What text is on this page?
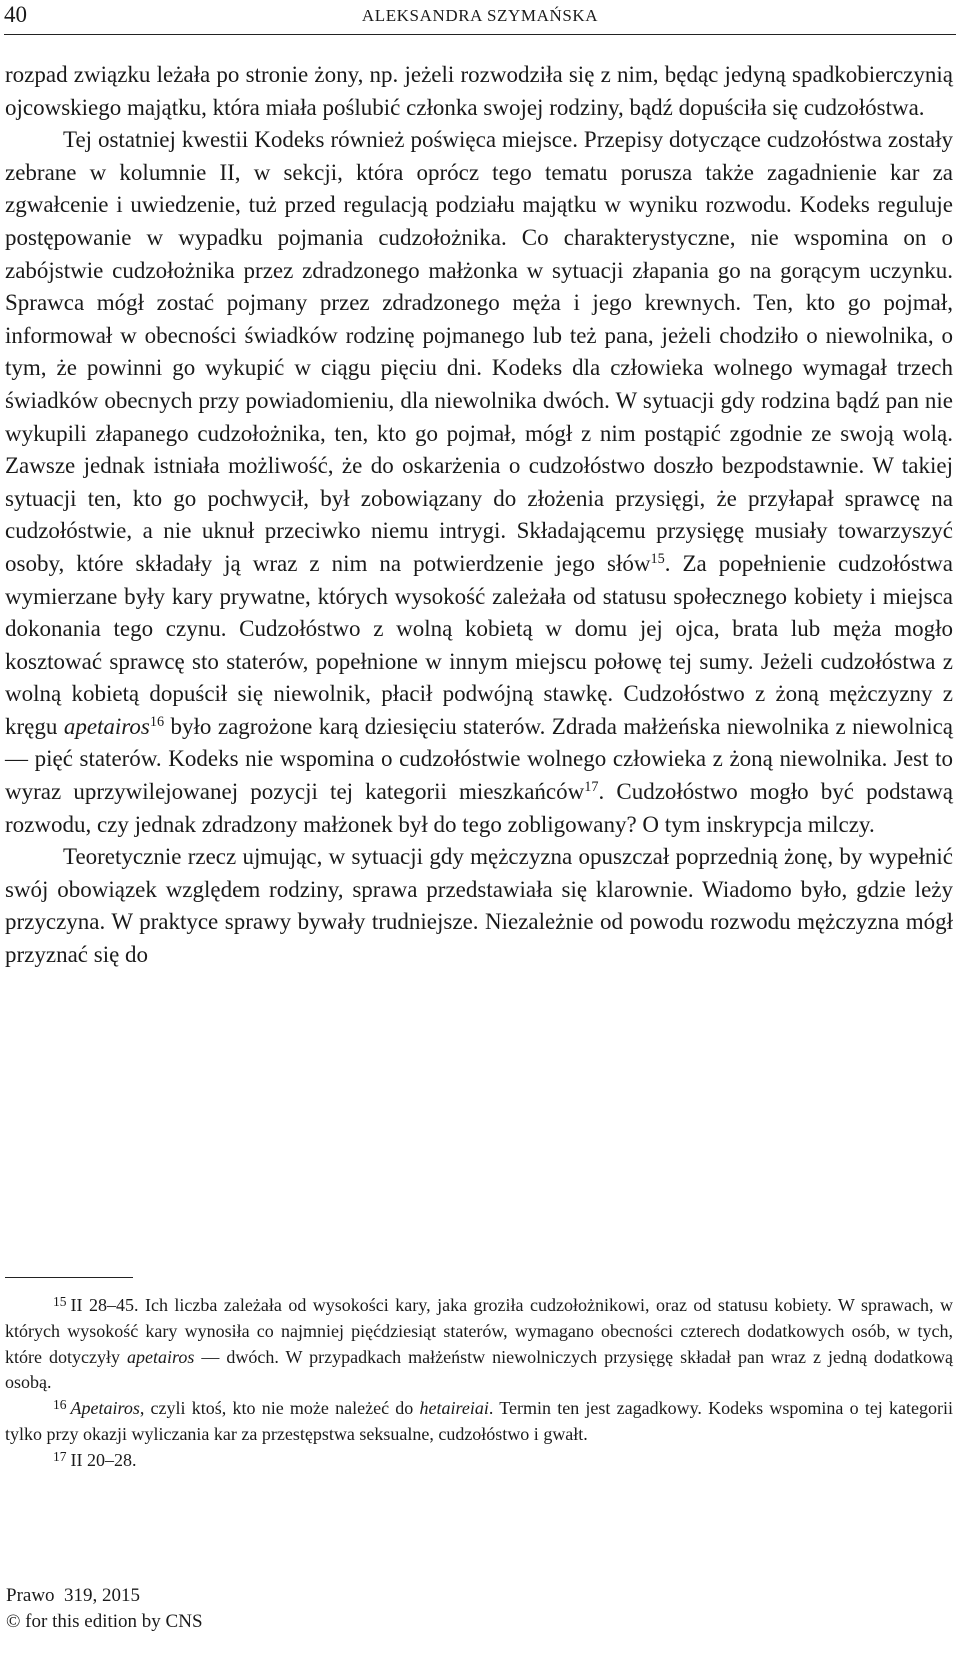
40	ALEKSANDRA SZYMAŃSKA

rozpad związku leżała po stronie żony, np. jeżeli rozwodziła się z nim, będąc jedyną spadkobierczynią ojcowskiego majątku, która miała poślubić członka swojej rodziny, bądź dopuściła się cudzołóstwa.

Tej ostatniej kwestii Kodeks również poświęca miejsce. Przepisy dotyczące cudzołóstwa zostały zebrane w kolumnie II, w sekcji, która oprócz tego tematu porusza także zagadnienie kar za zgwałcenie i uwiedzenie, tuż przed regulacją podziału majątku w wyniku rozwodu. Kodeks reguluje postępowanie w wypadku pojmania cudzołożnika. Co charakterystyczne, nie wspomina on o zabójstwie cudzołożnika przez zdradzonego małżonka w sytuacji złapania go na gorącym uczynku. Sprawca mógł zostać pojmany przez zdradzonego męża i jego krewnych. Ten, kto go pojmał, informował w obecności świadków rodzinę pojmanego lub też pana, jeżeli chodziło o niewolnika, o tym, że powinni go wykupić w ciągu pięciu dni. Kodeks dla człowieka wolnego wymagał trzech świadków obecnych przy powiadomieniu, dla niewolnika dwóch. W sytuacji gdy rodzina bądź pan nie wykupili złapanego cudzołożnika, ten, kto go pojmał, mógł z nim postąpić zgodnie ze swoją wolą. Zawsze jednak istniała możliwość, że do oskarżenia o cudzołóstwo doszło bezpodstawnie. W takiej sytuacji ten, kto go pochwycił, był zobowiązany do złożenia przysięgi, że przyłapał sprawcę na cudzołóstwie, a nie uknuł przeciwko niemu intrygi. Składającemu przysięgę musiały towarzyszyć osoby, które składały ją wraz z nim na potwierdzenie jego słów$^{15}$. Za popełnienie cudzołóstwa wymierzane były kary prywatne, których wysokość zależała od statusu społecznego kobiety i miejsca dokonania tego czynu. Cudzołóstwo z wolną kobietą w domu jej ojca, brata lub męża mogło kosztować sprawcę sto staterów, popełnione w innym miejscu połowę tej sumy. Jeżeli cudzołóstwa z wolną kobietą dopuścił się niewolnik, płacił podwójną stawkę. Cudzołóstwo z żoną mężczyzny z kręgu apetairos$^{16}$ było zagrożone karą dziesięciu staterów. Zdrada małżeńska niewolnika z niewolnicą — pięć staterów. Kodeks nie wspomina o cudzołóstwie wolnego człowieka z żoną niewolnika. Jest to wyraz uprzywilejowanej pozycji tej kategorii mieszkańców$^{17}$. Cudzołóstwo mogło być podstawą rozwodu, czy jednak zdradzony małżonek był do tego zobligowany? O tym inskrypcja milczy.

Teoretycznie rzecz ujmując, w sytuacji gdy mężczyzna opuszczał poprzednią żonę, by wypełnić swój obowiązek względem rodziny, sprawa przedstawiała się klarownie. Wiadomo było, gdzie leży przyczyna. W praktyce sprawy bywały trudniejsze. Niezależnie od powodu rozwodu mężczyzna mógł przyznać się do

$^{15}$ II 28–45. Ich liczba zależała od wysokości kary, jaka groziła cudzołożnikowi, oraz od statusu kobiety. W sprawach, w których wysokość kary wynosiła co najmniej pięćdziesiąt staterów, wymagano obecności czterech dodatkowych osób, w tych, które dotyczyły apetairos — dwóch. W przypadkach małżeństw niewolniczych przysięgę składał pan wraz z jedną dodatkową osobą.

$^{16}$ Apetairos, czyli ktoś, kto nie może należeć do hetaireiai. Termin ten jest zagadkowy. Kodeks wspomina o tej kategorii tylko przy okazji wyliczania kar za przestępstwa seksualne, cudzołóstwo i gwałt.

$^{17}$ II 20–28.

Prawo  319, 2015
© for this edition by CNS
